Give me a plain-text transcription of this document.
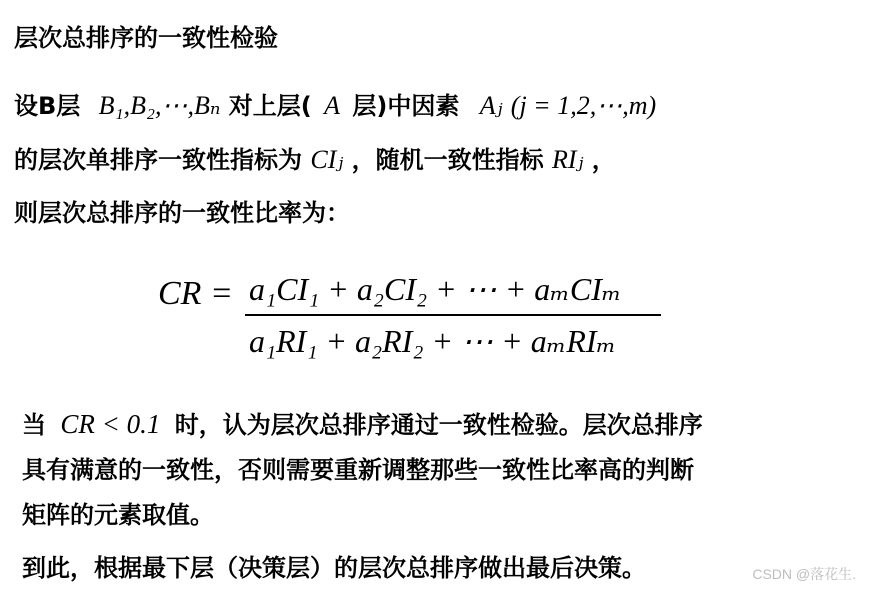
层次总排序的一致性检验
设B层 B₁,B₂,⋯,Bₙ 对上层( A 层)中因素 Aⱼ (j = 1,2,⋯,m)
的层次单排序一致性指标为 CIⱼ ，随机一致性指标 RIⱼ ，
则层次总排序的一致性比率为：
CR = a₁CI₁ + a₂CI₂ + ⋯ + aₘCIₘ
a₁RI₁ + a₂RI₂ + ⋯ + aₘRIₘ
当 CR < 0.1 时，认为层次总排序通过一致性检验。层次总排序
具有满意的一致性，否则需要重新调整那些一致性比率高的判断
矩阵的元素取值。
到此，根据最下层（决策层）的层次总排序做出最后决策。	CSDN @落花生.
